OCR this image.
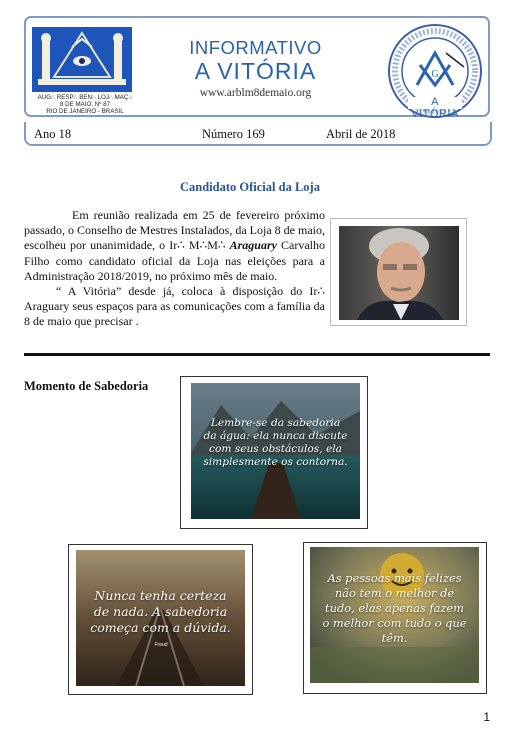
AUG∴ RESP∴ BEN∴ LOJ∴ MAÇ∴
8 DE MAIO, Nº 87
RIO DE JANEIRO - BRASIL
INFORMATIVO
A VITÓRIA
www.arblm8demaio.org
G
A VITÓRIA
Ano 18	Número 169	Abril de 2018
Candidato Oficial da Loja

Em reunião realizada em 25 de fevereiro próximo passado, o Conselho de Mestres Instalados, da Loja 8 de maio, escolheu por unanimidade, o Ir∴ M∴M∴ Araguary Carvalho Filho como candidato oficial da Loja nas eleições para a Administração 2018/2019, no próximo mês de maio.

“ A Vitória” desde já, coloca à disposição do Ir∴ Araguary seus espaços para as comunicações com a família da 8 de maio que precisar .

Momento de Sabedoria
Lembre-se da sabedoria da água: ela nunca discute com seus obstáculos, ela simplesmente os contorna.
Nunca tenha certeza de nada. A sabedoria começa com a dúvida.
Freud
As pessoas mais felizes não tem o melhor de tudo, elas apenas fazem o melhor com tudo o que têm.
1
